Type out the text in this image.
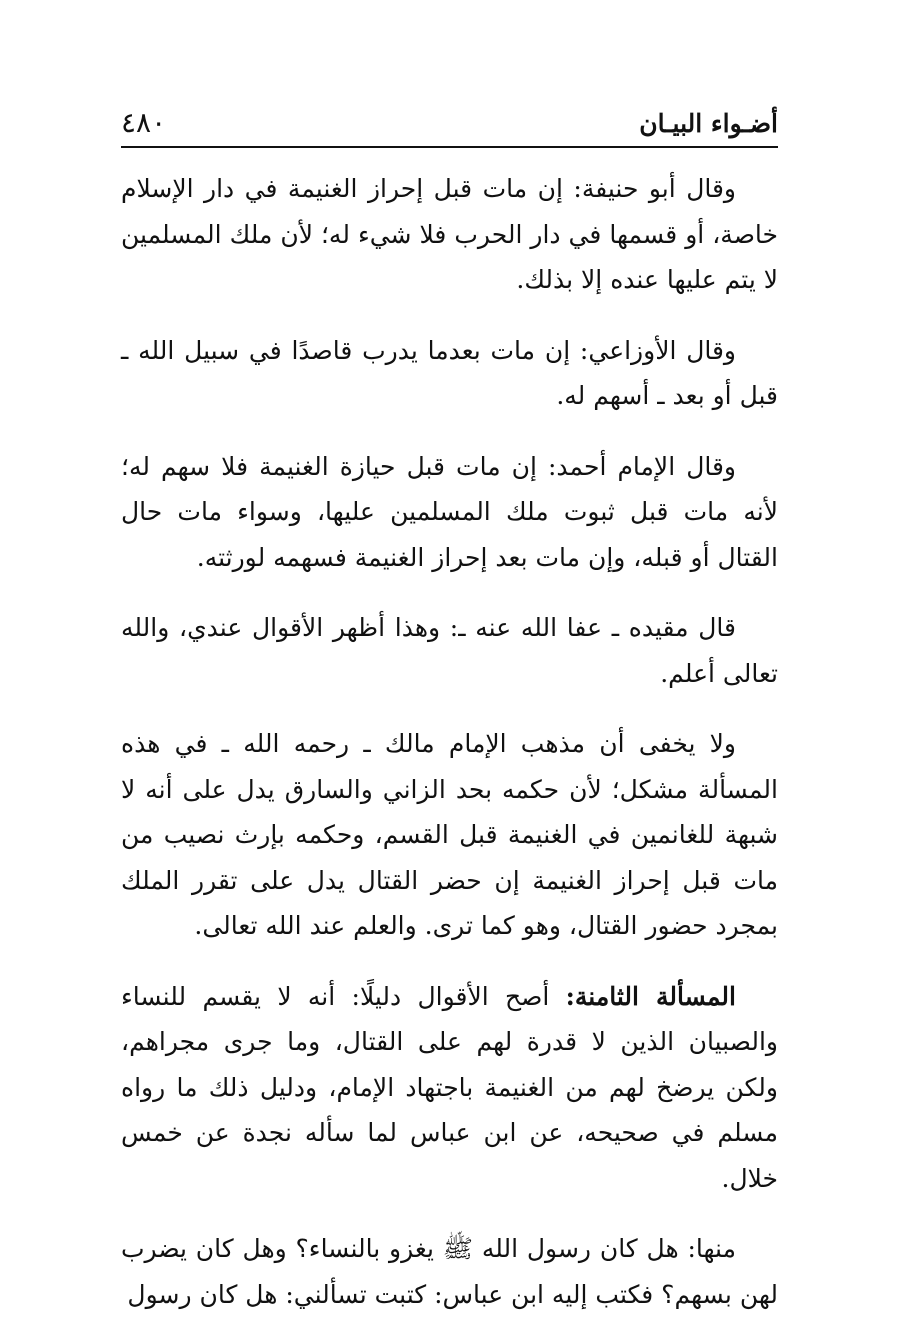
٤٨٠	أضـواء البيـان

وقال أبو حنيفة: إن مات قبل إحراز الغنيمة في دار الإسلام خاصة، أو قسمها في دار الحرب فلا شيء له؛ لأن ملك المسلمين لا يتم عليها عنده إلا بذلك.

وقال الأوزاعي: إن مات بعدما يدرب قاصدًا في سبيل الله ـ قبل أو بعد ـ أسهم له.

وقال الإمام أحمد: إن مات قبل حيازة الغنيمة فلا سهم له؛ لأنه مات قبل ثبوت ملك المسلمين عليها، وسواء مات حال القتال أو قبله، وإن مات بعد إحراز الغنيمة فسهمه لورثته.

قال مقيده ـ عفا الله عنه ـ: وهذا أظهر الأقوال عندي، والله تعالى أعلم.

ولا يخفى أن مذهب الإمام مالك ـ رحمه الله ـ في هذه المسألة مشكل؛ لأن حكمه بحد الزاني والسارق يدل على أنه لا شبهة للغانمين في الغنيمة قبل القسم، وحكمه بإرث نصيب من مات قبل إحراز الغنيمة إن حضر القتال يدل على تقرر الملك بمجرد حضور القتال، وهو كما ترى. والعلم عند الله تعالى.

المسألة الثامنة: أصح الأقوال دليلًا: أنه لا يقسم للنساء والصبيان الذين لا قدرة لهم على القتال، وما جرى مجراهم، ولكن يرضخ لهم من الغنيمة باجتهاد الإمام، ودليل ذلك ما رواه مسلم في صحيحه، عن ابن عباس لما سأله نجدة عن خمس خلال.

منها: هل كان رسول الله ﷺ يغزو بالنساء؟ وهل كان يضرب لهن بسهم؟ فكتب إليه ابن عباس: كتبت تسألني: هل كان رسول
